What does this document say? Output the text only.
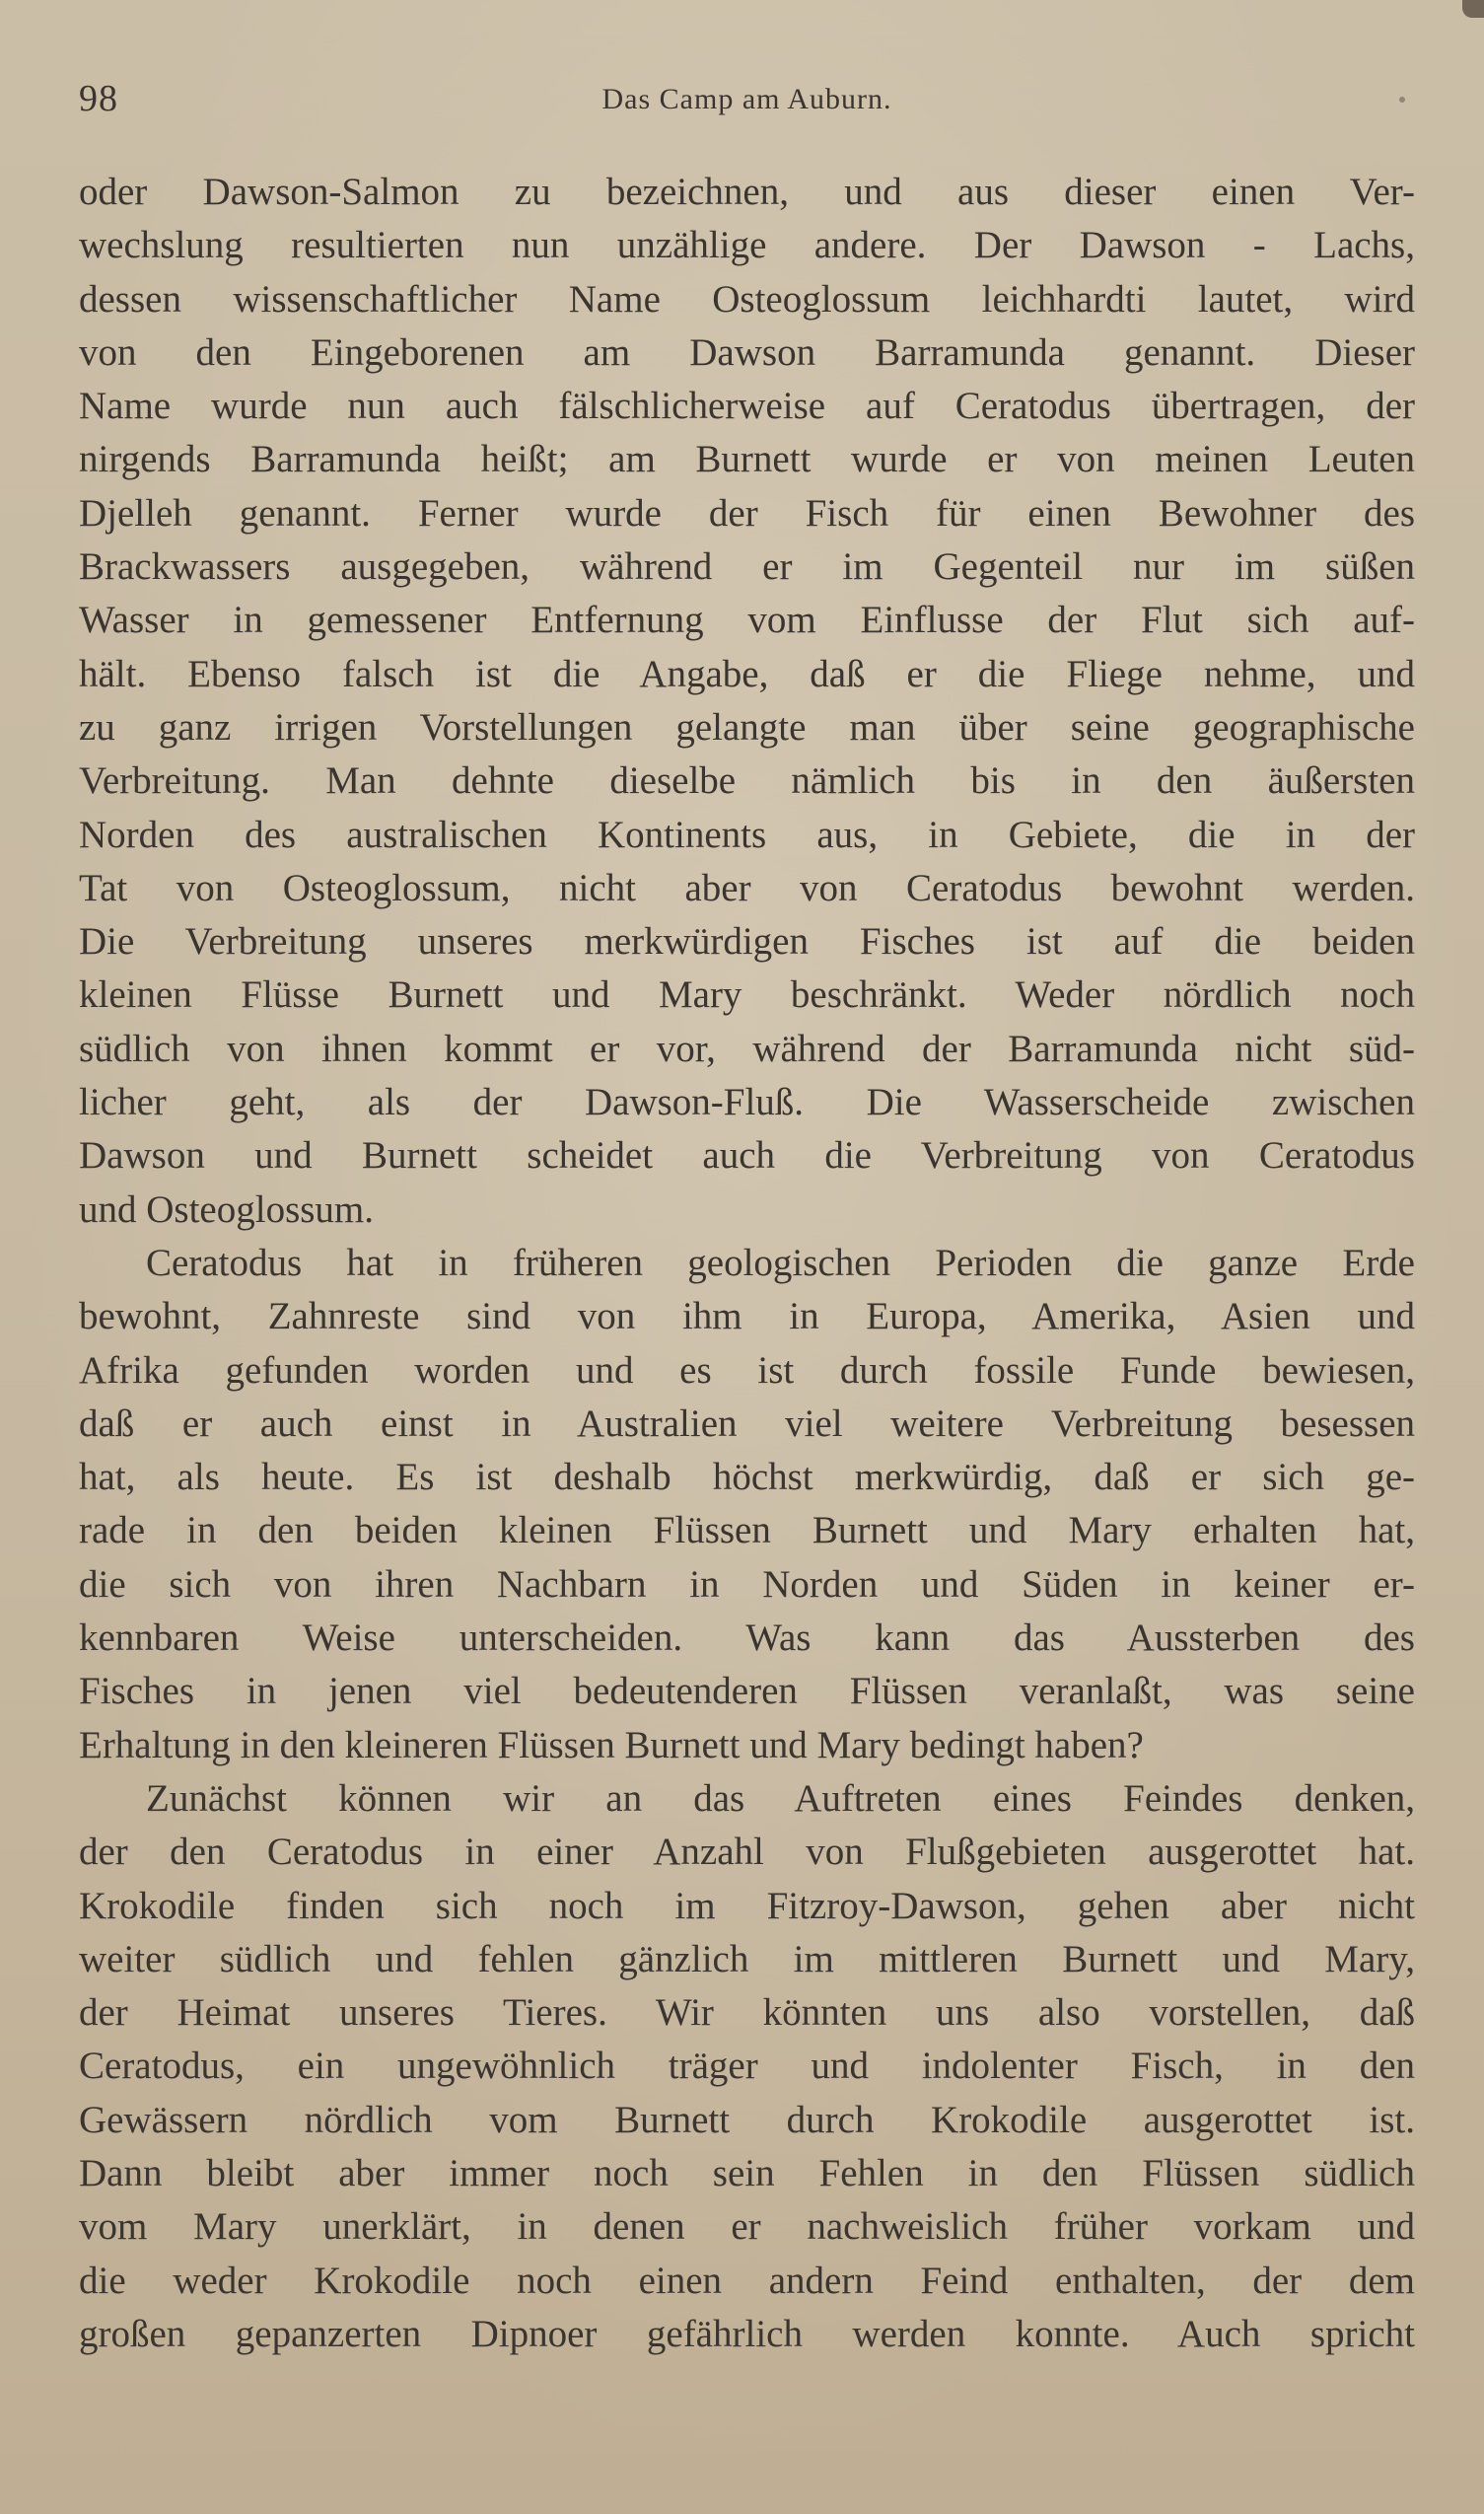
98	Das Camp am Auburn.
oder Dawson-Salmon zu bezeichnen, und aus dieser einen Ver-
wechslung resultierten nun unzählige andere. Der Dawson - Lachs,
dessen wissenschaftlicher Name Osteoglossum leichhardti lautet, wird
von den Eingeborenen am Dawson Barramunda genannt. Dieser
Name wurde nun auch fälschlicherweise auf Ceratodus übertragen, der
nirgends Barramunda heißt; am Burnett wurde er von meinen Leuten
Djelleh genannt. Ferner wurde der Fisch für einen Bewohner des
Brackwassers ausgegeben, während er im Gegenteil nur im süßen
Wasser in gemessener Entfernung vom Einflusse der Flut sich auf-
hält. Ebenso falsch ist die Angabe, daß er die Fliege nehme, und
zu ganz irrigen Vorstellungen gelangte man über seine geographische
Verbreitung. Man dehnte dieselbe nämlich bis in den äußersten
Norden des australischen Kontinents aus, in Gebiete, die in der
Tat von Osteoglossum, nicht aber von Ceratodus bewohnt werden.
Die Verbreitung unseres merkwürdigen Fisches ist auf die beiden
kleinen Flüsse Burnett und Mary beschränkt. Weder nördlich noch
südlich von ihnen kommt er vor, während der Barramunda nicht süd-
licher geht, als der Dawson-Fluß. Die Wasserscheide zwischen
Dawson und Burnett scheidet auch die Verbreitung von Ceratodus
und Osteoglossum.
Ceratodus hat in früheren geologischen Perioden die ganze Erde
bewohnt, Zahnreste sind von ihm in Europa, Amerika, Asien und
Afrika gefunden worden und es ist durch fossile Funde bewiesen,
daß er auch einst in Australien viel weitere Verbreitung besessen
hat, als heute. Es ist deshalb höchst merkwürdig, daß er sich ge-
rade in den beiden kleinen Flüssen Burnett und Mary erhalten hat,
die sich von ihren Nachbarn in Norden und Süden in keiner er-
kennbaren Weise unterscheiden. Was kann das Aussterben des
Fisches in jenen viel bedeutenderen Flüssen veranlaßt, was seine
Erhaltung in den kleineren Flüssen Burnett und Mary bedingt haben?
Zunächst können wir an das Auftreten eines Feindes denken,
der den Ceratodus in einer Anzahl von Flußgebieten ausgerottet hat.
Krokodile finden sich noch im Fitzroy-Dawson, gehen aber nicht
weiter südlich und fehlen gänzlich im mittleren Burnett und Mary,
der Heimat unseres Tieres. Wir könnten uns also vorstellen, daß
Ceratodus, ein ungewöhnlich träger und indolenter Fisch, in den
Gewässern nördlich vom Burnett durch Krokodile ausgerottet ist.
Dann bleibt aber immer noch sein Fehlen in den Flüssen südlich
vom Mary unerklärt, in denen er nachweislich früher vorkam und
die weder Krokodile noch einen andern Feind enthalten, der dem
großen gepanzerten Dipnoer gefährlich werden konnte. Auch spricht
